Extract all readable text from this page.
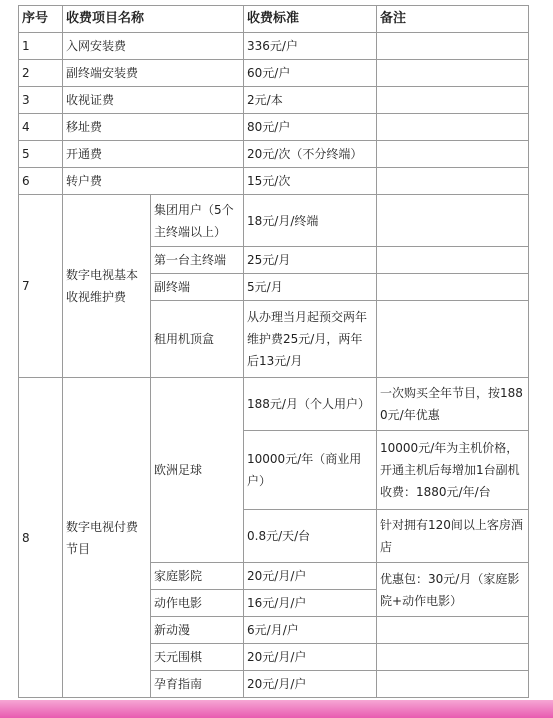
序号	收费项目名称		收费标准	备注
1	入网安装费		336元/户	
2	副终端安装费		60元/户	
3	收视证费		2元/本	
4	移址费		80元/户	
5	开通费		20元/次（不分终端）	
6	转户费		15元/次	
7	数字电视基本收视维护费	集团用户（5个主终端以上）	18元/月/终端	
		第一台主终端	25元/月	
		副终端	5元/月	
		租用机顶盒	从办理当月起预交两年维护费25元/月，两年后13元/月	
8	数字电视付费节目	欧洲足球	188元/月（个人用户）	一次购买全年节目，按1880元/年优惠
			10000元/年（商业用户）	10000元/年为主机价格，开通主机后每增加1台副机收费：1880元/年/台
			0.8元/天/台	针对拥有120间以上客房酒店
		家庭影院	20元/月/户	优惠包：30元/月（家庭影院+动作电影）
		动作电影	16元/月/户	
		新动漫	6元/月/户	
		天元围棋	20元/月/户	
		孕育指南	20元/月/户	
